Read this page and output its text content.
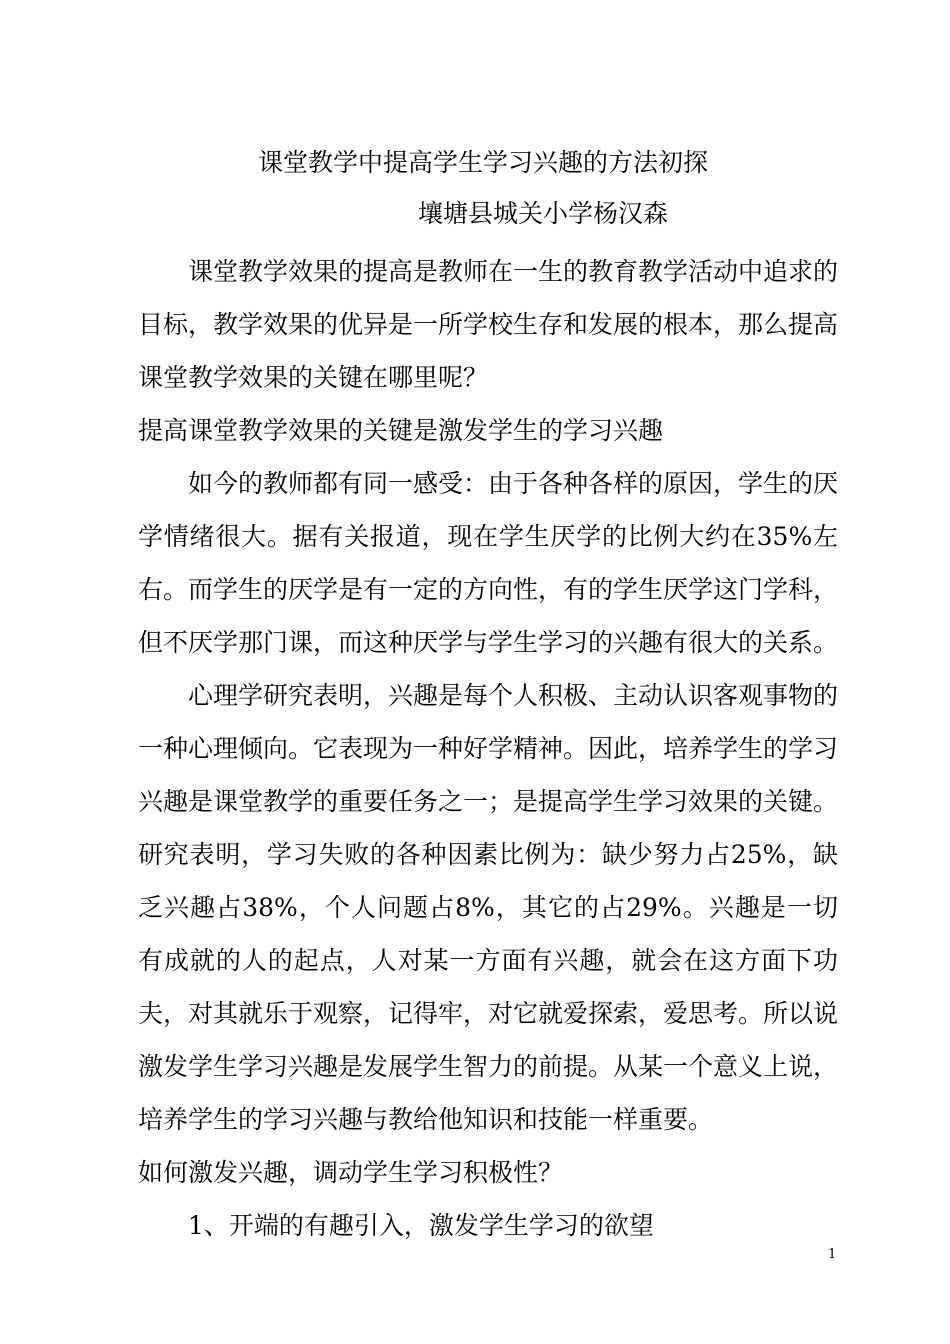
课堂教学中提高学生学习兴趣的方法初探
壤塘县城关小学杨汉森

课堂教学效果的提高是教师在一生的教育教学活动中追求的目标，教学效果的优异是一所学校生存和发展的根本，那么提高课堂教学效果的关键在哪里呢？

提高课堂教学效果的关键是激发学生的学习兴趣

如今的教师都有同一感受：由于各种各样的原因，学生的厌学情绪很大。据有关报道，现在学生厌学的比例大约在35%左右。而学生的厌学是有一定的方向性，有的学生厌学这门学科，但不厌学那门课，而这种厌学与学生学习的兴趣有很大的关系。

心理学研究表明，兴趣是每个人积极、主动认识客观事物的一种心理倾向。它表现为一种好学精神。因此，培养学生的学习兴趣是课堂教学的重要任务之一；是提高学生学习效果的关键。

研究表明，学习失败的各种因素比例为：缺少努力占25%，缺乏兴趣占38%，个人问题占8%，其它的占29%。兴趣是一切有成就的人的起点，人对某一方面有兴趣，就会在这方面下功夫，对其就乐于观察，记得牢，对它就爱探索，爱思考。所以说激发学生学习兴趣是发展学生智力的前提。从某一个意义上说，培养学生的学习兴趣与教给他知识和技能一样重要。

如何激发兴趣，调动学生学习积极性？

1、开端的有趣引入，激发学生学习的欲望

1
